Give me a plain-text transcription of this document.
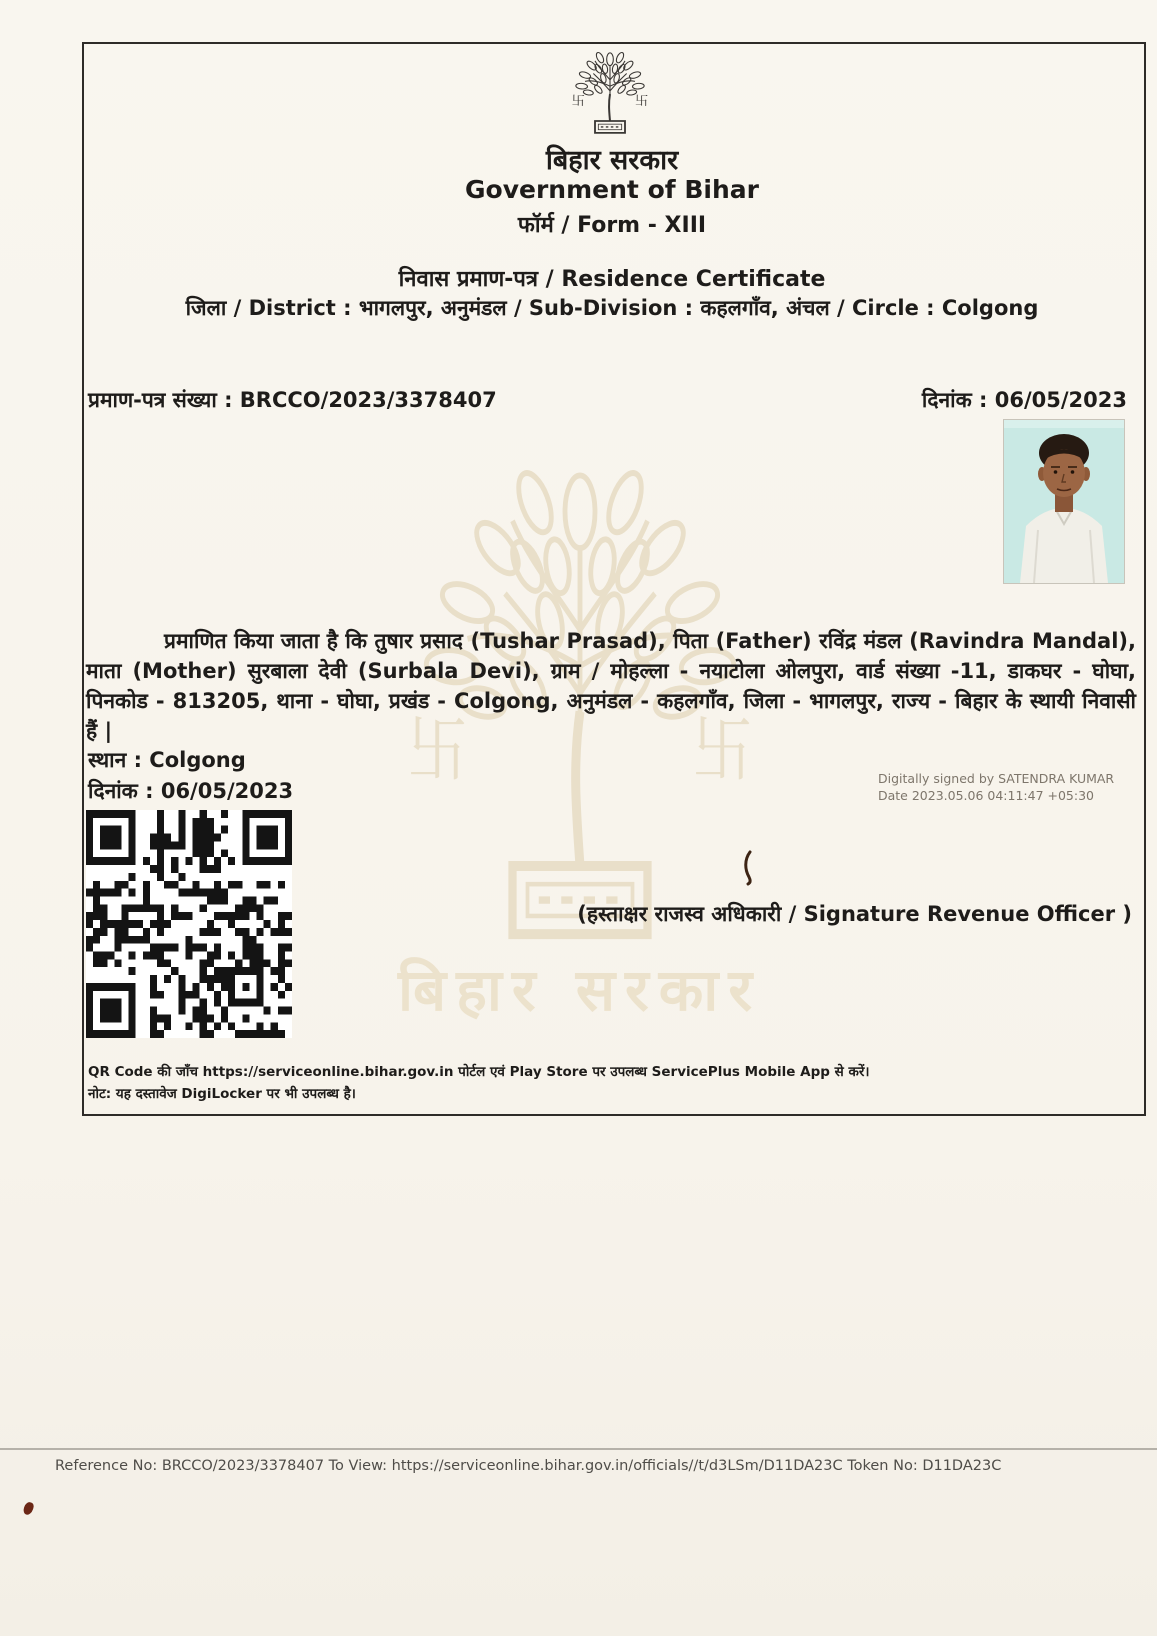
बिहार सरकार
बिहार सरकार
Government of Bihar
फॉर्म / Form - XIII
निवास प्रमाण-पत्र / Residence Certificate
जिला / District : भागलपुर, अनुमंडल / Sub-Division : कहलगाँव, अंचल / Circle : Colgong
प्रमाण-पत्र संख्या : BRCCO/2023/3378407	दिनांक : 06/05/2023
प्रमाणित किया जाता है कि तुषार प्रसाद (Tushar Prasad), पिता (Father) रविंद्र मंडल (Ravindra Mandal), माता (Mother) सुरबाला देवी (Surbala Devi), ग्राम / मोहल्ला - नयाटोला ओलपुरा, वार्ड संख्या -11, डाकघर - घोघा, पिनकोड - 813205, थाना - घोघा, प्रखंड - Colgong, अनुमंडल - कहलगाँव, जिला - भागलपुर, राज्य - बिहार के स्थायी निवासी हैं |
स्थान : Colgong
दिनांक : 06/05/2023
Digitally signed by SATENDRA KUMAR
Date 2023.05.06 04:11:47 +05:30
(हस्ताक्षर राजस्व अधिकारी / Signature Revenue Officer )
QR Code की जाँच https://serviceonline.bihar.gov.in पोर्टल एवं Play Store पर उपलब्ध ServicePlus Mobile App से करें।
नोट: यह दस्तावेज DigiLocker पर भी उपलब्ध है।
Reference No: BRCCO/2023/3378407 To View: https://serviceonline.bihar.gov.in/officials//t/d3LSm/D11DA23C Token No: D11DA23C
